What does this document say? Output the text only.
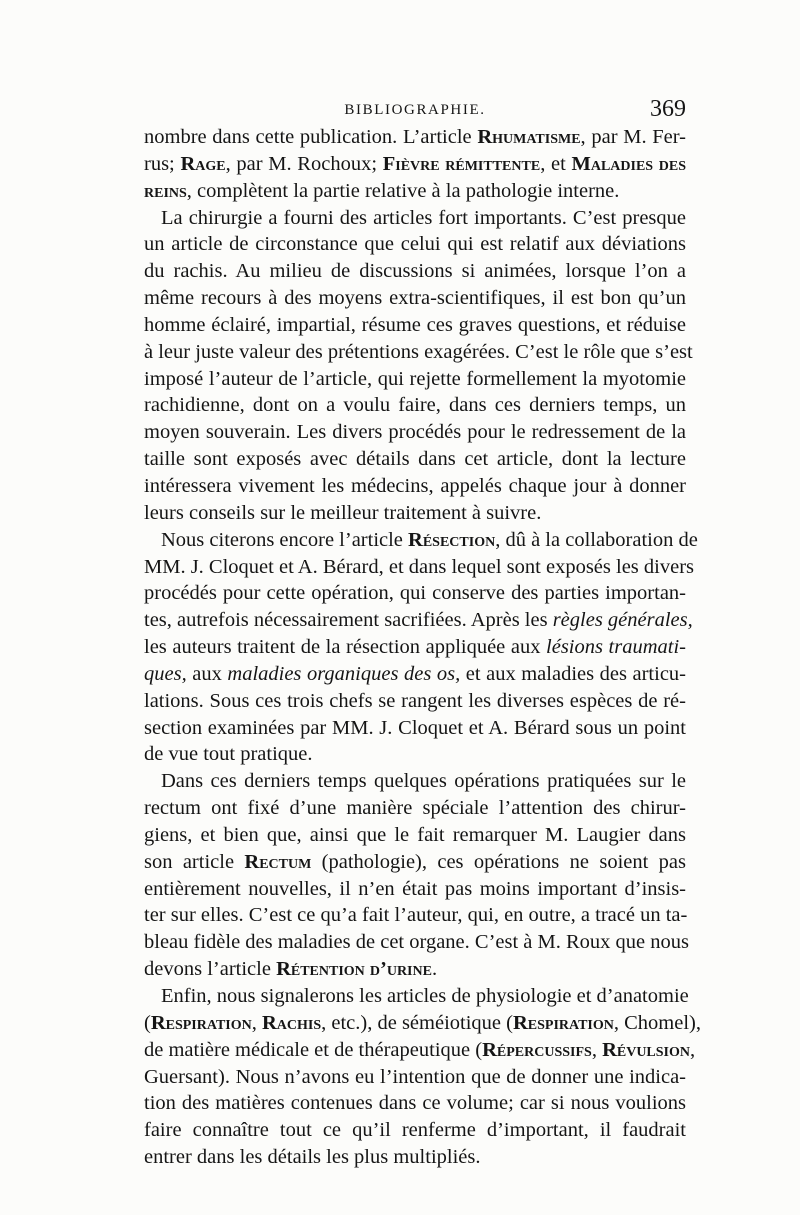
BIBLIOGRAPHIE.	369
nombre dans cette publication. L’article Rhumatisme, par M. Fer-
rus; Rage, par M. Rochoux; Fièvre rémittente, et Maladies des
reins, complètent la partie relative à la pathologie interne.
La chirurgie a fourni des articles fort importants. C’est presque
un article de circonstance que celui qui est relatif aux déviations
du rachis. Au milieu de discussions si animées, lorsque l’on a
même recours à des moyens extra-scientifiques, il est bon qu’un
homme éclairé, impartial, résume ces graves questions, et réduise
à leur juste valeur des prétentions exagérées. C’est le rôle que s’est
imposé l’auteur de l’article, qui rejette formellement la myotomie
rachidienne, dont on a voulu faire, dans ces derniers temps, un
moyen souverain. Les divers procédés pour le redressement de la
taille sont exposés avec détails dans cet article, dont la lecture
intéressera vivement les médecins, appelés chaque jour à donner
leurs conseils sur le meilleur traitement à suivre.
Nous citerons encore l’article Résection, dû à la collaboration de
MM. J. Cloquet et A. Bérard, et dans lequel sont exposés les divers
procédés pour cette opération, qui conserve des parties importan-
tes, autrefois nécessairement sacrifiées. Après les règles générales,
les auteurs traitent de la résection appliquée aux lésions traumati-
ques, aux maladies organiques des os, et aux maladies des articu-
lations. Sous ces trois chefs se rangent les diverses espèces de ré-
section examinées par MM. J. Cloquet et A. Bérard sous un point
de vue tout pratique.
Dans ces derniers temps quelques opérations pratiquées sur le
rectum ont fixé d’une manière spéciale l’attention des chirur-
giens, et bien que, ainsi que le fait remarquer M. Laugier dans
son article Rectum (pathologie), ces opérations ne soient pas
entièrement nouvelles, il n’en était pas moins important d’insis-
ter sur elles. C’est ce qu’a fait l’auteur, qui, en outre, a tracé un ta-
bleau fidèle des maladies de cet organe. C’est à M. Roux que nous
devons l’article Rétention d’urine.
Enfin, nous signalerons les articles de physiologie et d’anatomie
(Respiration, Rachis, etc.), de séméiotique (Respiration, Chomel),
de matière médicale et de thérapeutique (Répercussifs, Révulsion,
Guersant). Nous n’avons eu l’intention que de donner une indica-
tion des matières contenues dans ce volume; car si nous voulions
faire connaître tout ce qu’il renferme d’important, il faudrait
entrer dans les détails les plus multipliés.
